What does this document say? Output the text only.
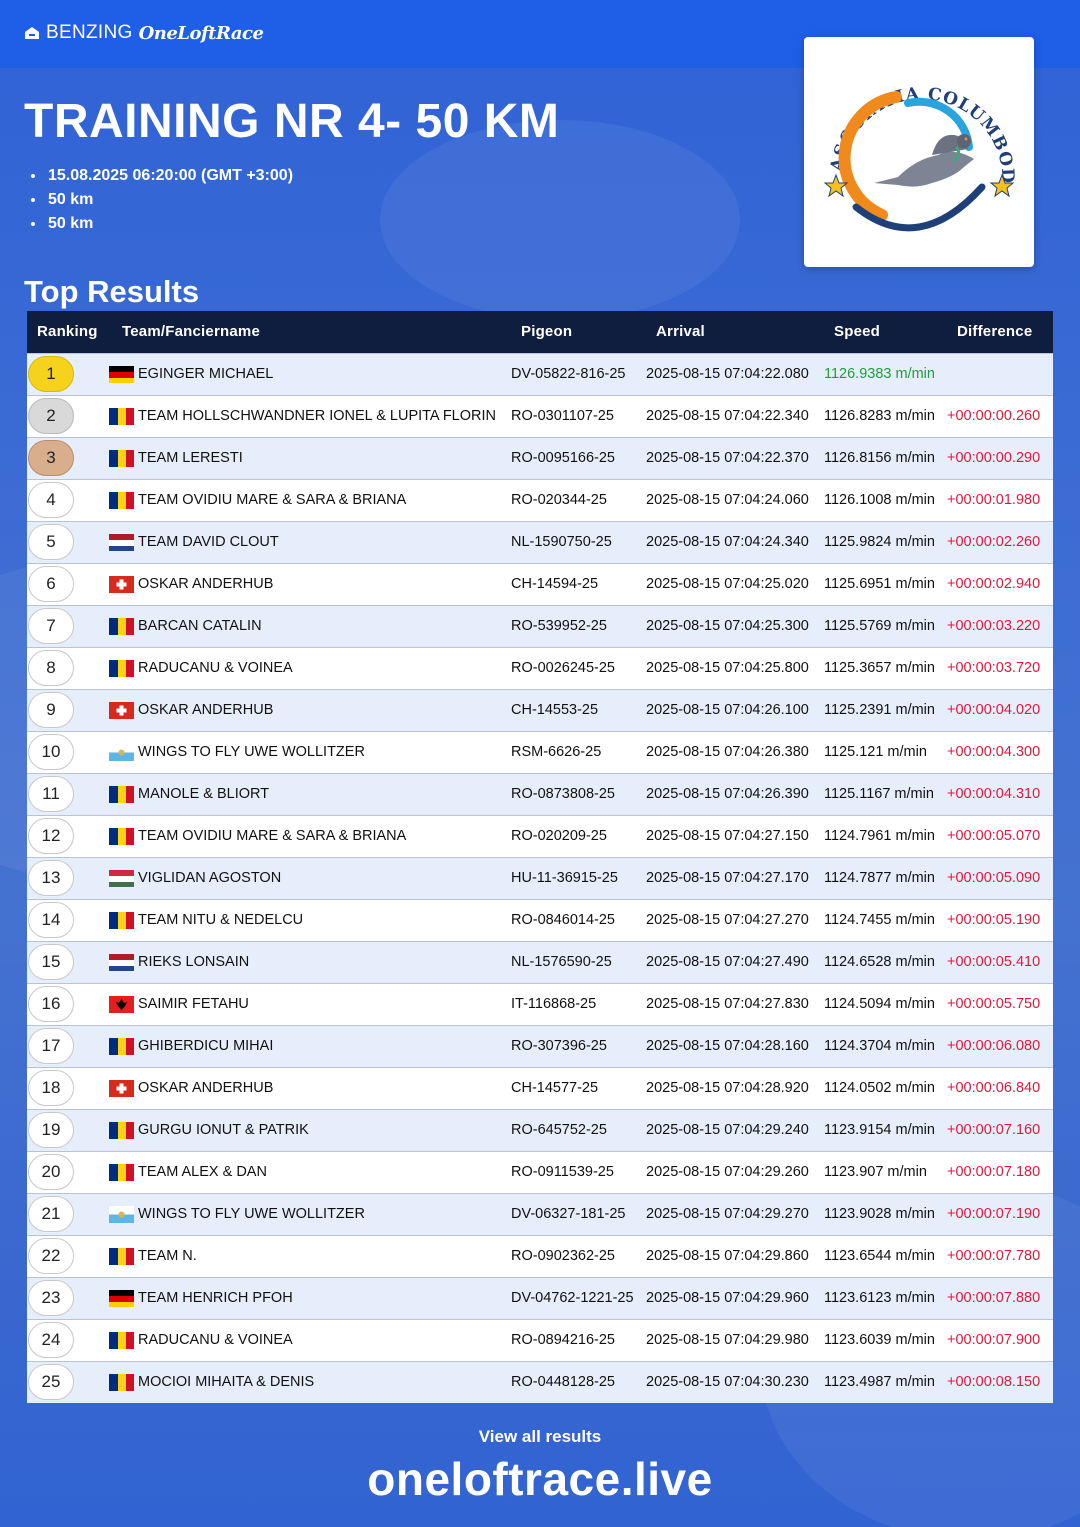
BENZING OneLoftRace
TRAINING NR 4- 50 KM
• 15.08.2025 06:20:00 (GMT +3:00)
• 50 km
• 50 km
ASOCIATIA COLUMBOD
Top Results
Ranking	Team/Fanciername	Pigeon	Arrival	Speed	Difference

1	EGINGER MICHAEL	DV-05822-816-25	2025-08-15 07:04:22.080	1126.9383 m/min	

2	TEAM HOLLSCHWANDNER IONEL & LUPITA FLORIN	RO-0301107-25	2025-08-15 07:04:22.340	1126.8283 m/min	+00:00:00.260

3	TEAM LERESTI	RO-0095166-25	2025-08-15 07:04:22.370	1126.8156 m/min	+00:00:00.290

4	TEAM OVIDIU MARE & SARA & BRIANA	RO-020344-25	2025-08-15 07:04:24.060	1126.1008 m/min	+00:00:01.980

5	TEAM DAVID CLOUT	NL-1590750-25	2025-08-15 07:04:24.340	1125.9824 m/min	+00:00:02.260

6	OSKAR ANDERHUB	CH-14594-25	2025-08-15 07:04:25.020	1125.6951 m/min	+00:00:02.940

7	BARCAN CATALIN	RO-539952-25	2025-08-15 07:04:25.300	1125.5769 m/min	+00:00:03.220

8	RADUCANU & VOINEA	RO-0026245-25	2025-08-15 07:04:25.800	1125.3657 m/min	+00:00:03.720

9	OSKAR ANDERHUB	CH-14553-25	2025-08-15 07:04:26.100	1125.2391 m/min	+00:00:04.020

10	WINGS TO FLY UWE WOLLITZER	RSM-6626-25	2025-08-15 07:04:26.380	1125.121 m/min	+00:00:04.300

11	MANOLE & BLIORT	RO-0873808-25	2025-08-15 07:04:26.390	1125.1167 m/min	+00:00:04.310

12	TEAM OVIDIU MARE & SARA & BRIANA	RO-020209-25	2025-08-15 07:04:27.150	1124.7961 m/min	+00:00:05.070

13	VIGLIDAN AGOSTON	HU-11-36915-25	2025-08-15 07:04:27.170	1124.7877 m/min	+00:00:05.090

14	TEAM NITU & NEDELCU	RO-0846014-25	2025-08-15 07:04:27.270	1124.7455 m/min	+00:00:05.190

15	RIEKS LONSAIN	NL-1576590-25	2025-08-15 07:04:27.490	1124.6528 m/min	+00:00:05.410

16	SAIMIR FETAHU	IT-116868-25	2025-08-15 07:04:27.830	1124.5094 m/min	+00:00:05.750

17	GHIBERDICU MIHAI	RO-307396-25	2025-08-15 07:04:28.160	1124.3704 m/min	+00:00:06.080

18	OSKAR ANDERHUB	CH-14577-25	2025-08-15 07:04:28.920	1124.0502 m/min	+00:00:06.840

19	GURGU IONUT & PATRIK	RO-645752-25	2025-08-15 07:04:29.240	1123.9154 m/min	+00:00:07.160

20	TEAM ALEX & DAN	RO-0911539-25	2025-08-15 07:04:29.260	1123.907 m/min	+00:00:07.180

21	WINGS TO FLY UWE WOLLITZER	DV-06327-181-25	2025-08-15 07:04:29.270	1123.9028 m/min	+00:00:07.190

22	TEAM N.	RO-0902362-25	2025-08-15 07:04:29.860	1123.6544 m/min	+00:00:07.780

23	TEAM HENRICH PFOH	DV-04762-1221-25	2025-08-15 07:04:29.960	1123.6123 m/min	+00:00:07.880

24	RADUCANU & VOINEA	RO-0894216-25	2025-08-15 07:04:29.980	1123.6039 m/min	+00:00:07.900

25	MOCIOI MIHAITA & DENIS	RO-0448128-25	2025-08-15 07:04:30.230	1123.4987 m/min	+00:00:08.150
View all results
oneloftrace.live
